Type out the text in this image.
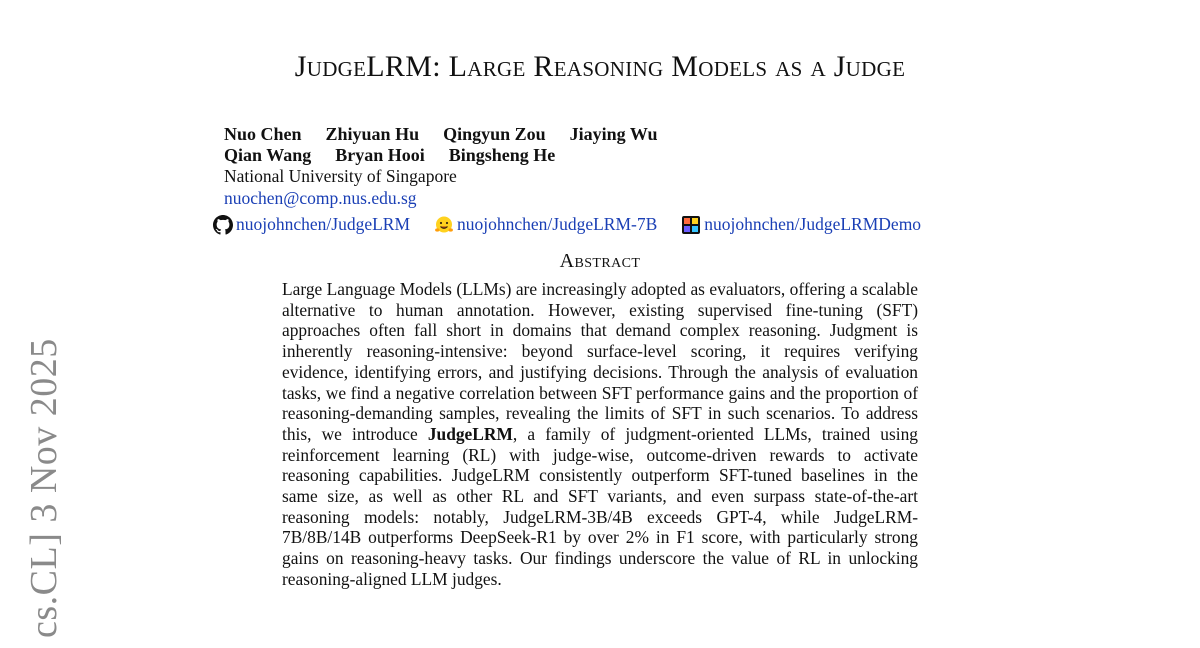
cs.CL] 3 Nov 2025
JudgeLRM: Large Reasoning Models as a Judge
Nuo Chen Zhiyuan Hu Qingyun Zou Jiaying Wu
Qian Wang Bryan Hooi Bingsheng He
National University of Singapore
nuochen@comp.nus.edu.sg
nuojohnchen/JudgeLRM	nuojohnchen/JudgeLRM-7B	nuojohnchen/JudgeLRMDemo
Abstract
Large Language Models (LLMs) are increasingly adopted as evaluators, offering a scalable alternative to human annotation. However, existing supervised fine-tuning (SFT) approaches often fall short in domains that demand complex reasoning. Judgment is inherently reasoning-intensive: beyond surface-level scoring, it requires verifying evidence, identifying errors, and justifying decisions. Through the analysis of evaluation tasks, we find a negative correlation between SFT performance gains and the proportion of reasoning-demanding samples, revealing the limits of SFT in such scenarios. To address this, we introduce JudgeLRM, a family of judgment-oriented LLMs, trained using reinforcement learning (RL) with judge-wise, outcome-driven rewards to activate reasoning capabilities. JudgeLRM consistently outperform SFT-tuned baselines in the same size, as well as other RL and SFT variants, and even surpass state-of-the-art reasoning models: notably, JudgeLRM-3B/4B exceeds GPT-4, while JudgeLRM-7B/8B/14B outperforms DeepSeek-R1 by over 2% in F1 score, with particularly strong gains on reasoning-heavy tasks. Our findings underscore the value of RL in unlocking reasoning-aligned LLM judges.
